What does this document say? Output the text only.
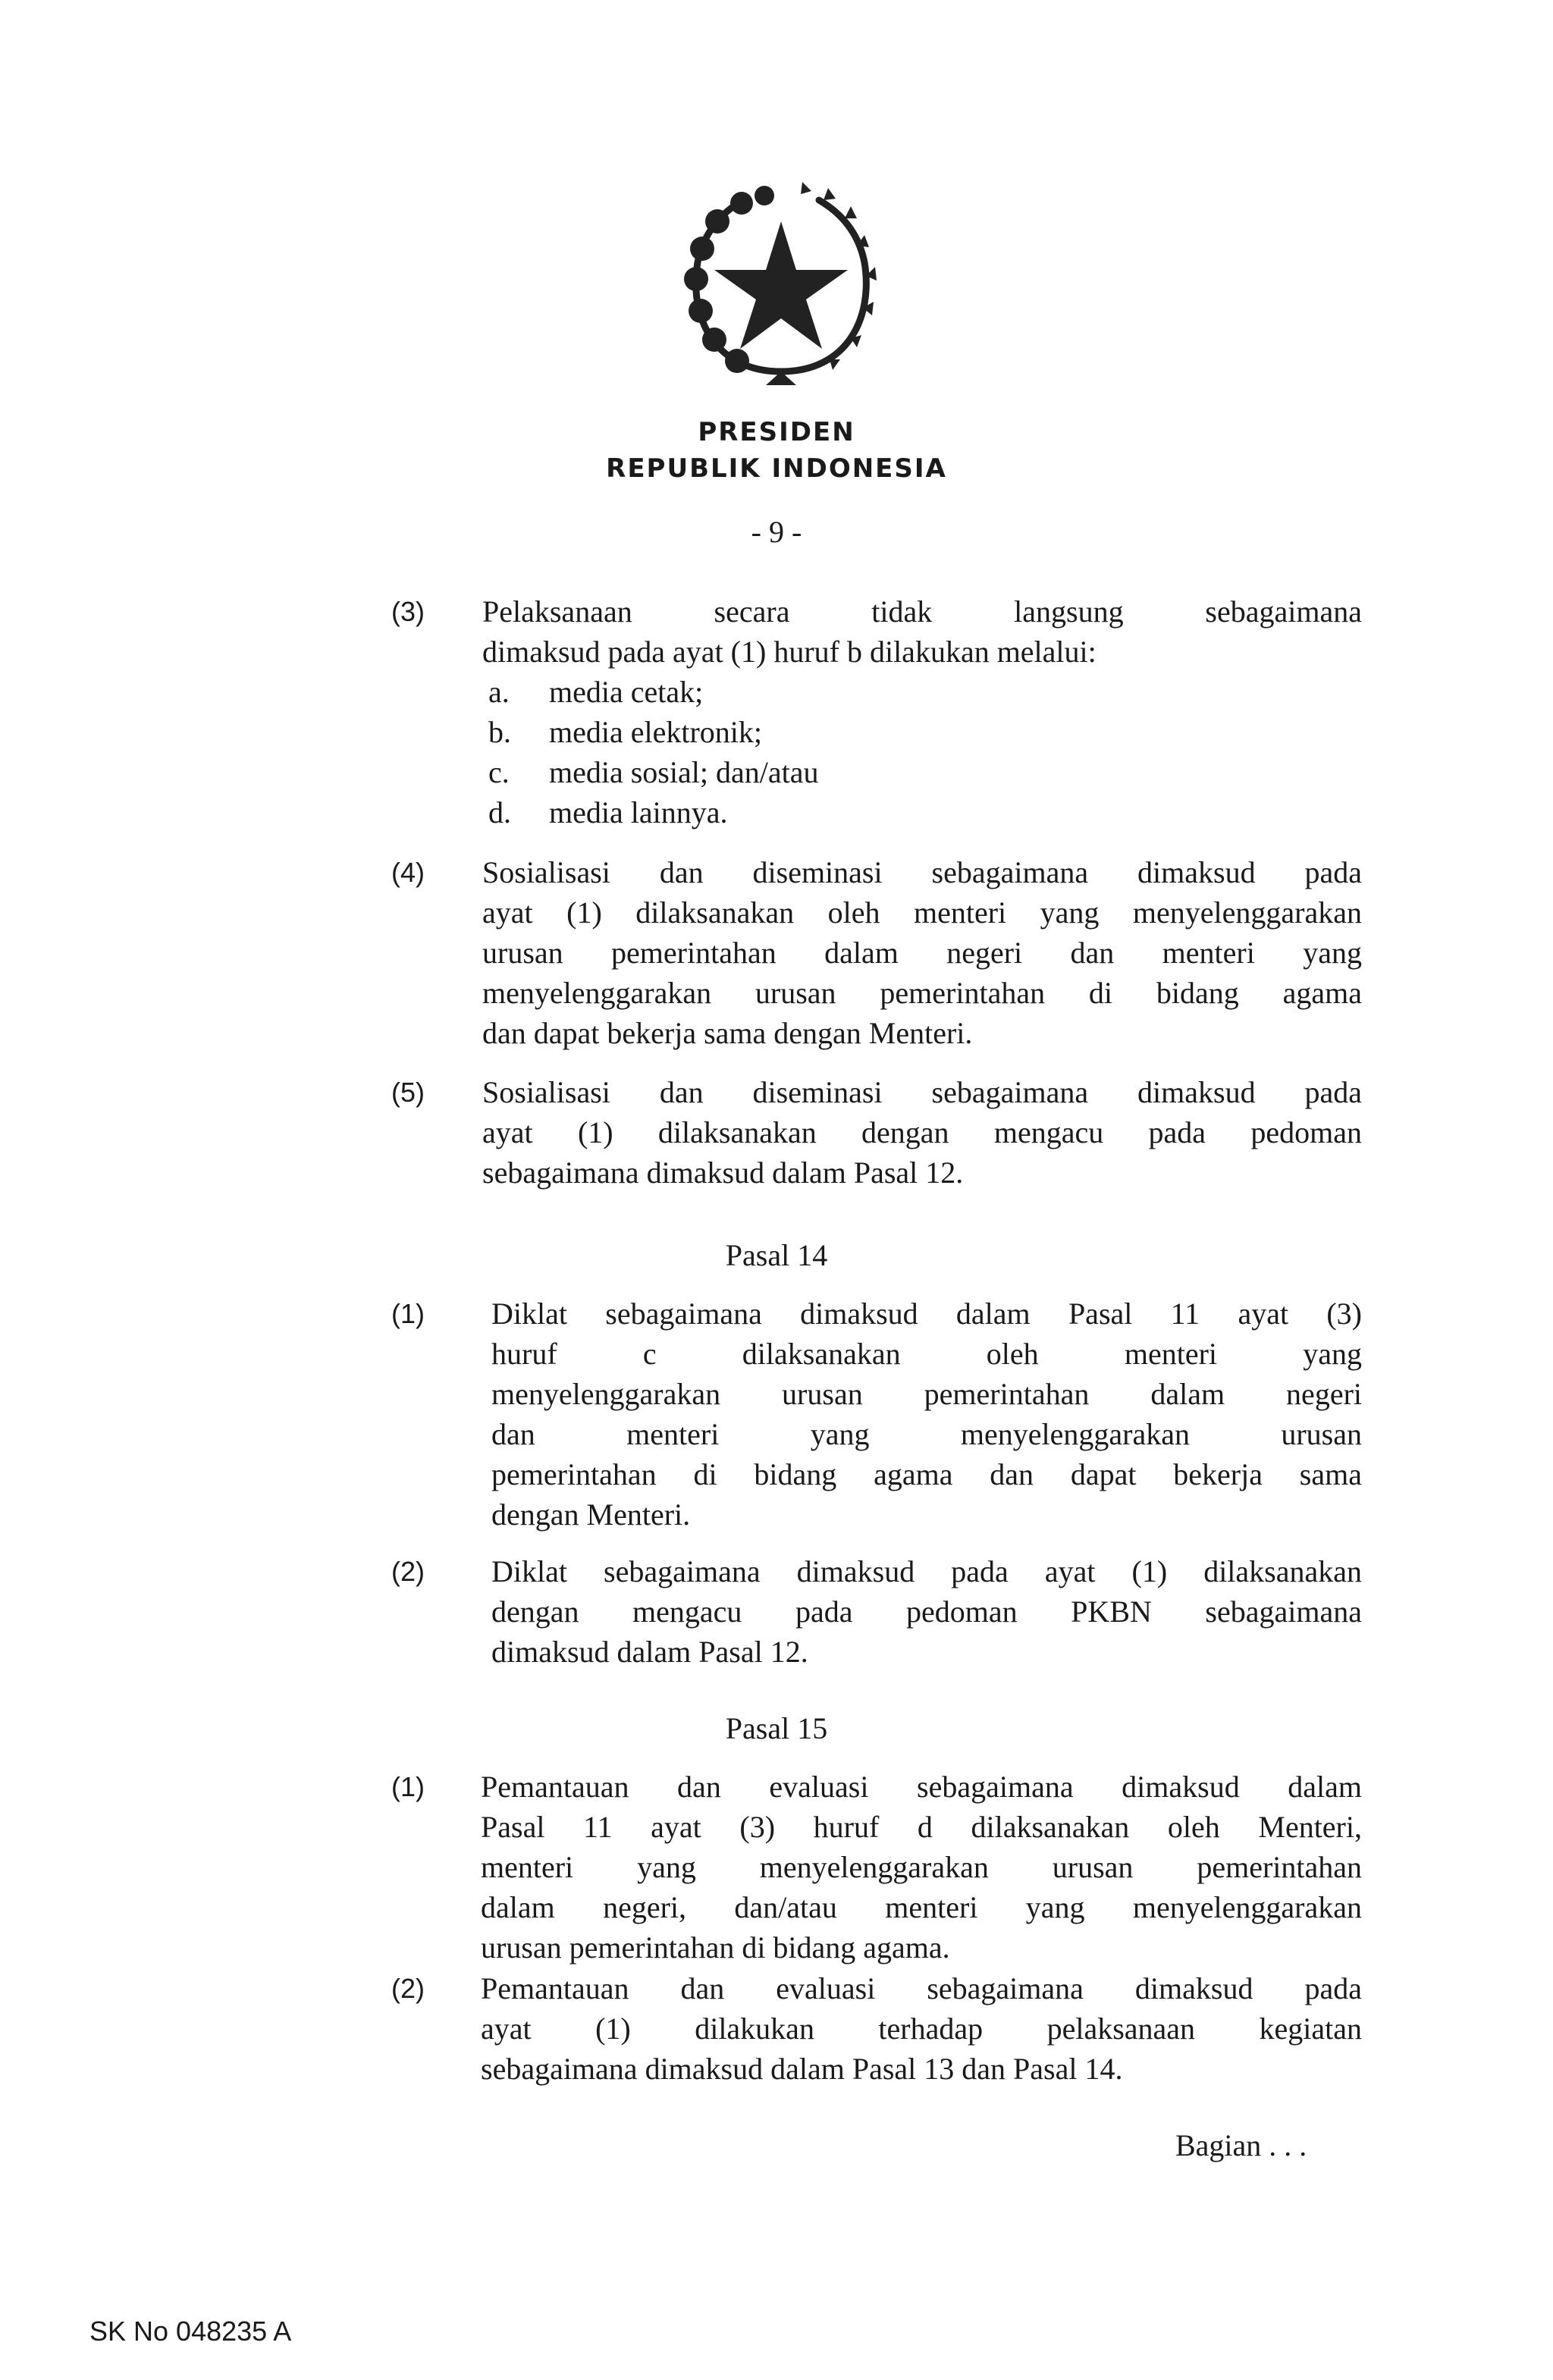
PRESIDEN
REPUBLIK INDONESIA
- 9 -
(3) Pelaksanaan secara tidak langsung sebagaimana
dimaksud pada ayat (1) huruf b dilakukan melalui:
a. media cetak;
b. media elektronik;
c. media sosial; dan/atau
d. media lainnya.
(4) Sosialisasi dan diseminasi sebagaimana dimaksud pada
ayat (1) dilaksanakan oleh menteri yang menyelenggarakan
urusan pemerintahan dalam negeri dan menteri yang
menyelenggarakan urusan pemerintahan di bidang agama
dan dapat bekerja sama dengan Menteri.
(5) Sosialisasi dan diseminasi sebagaimana dimaksud pada
ayat (1) dilaksanakan dengan mengacu pada pedoman
sebagaimana dimaksud dalam Pasal 12.
Pasal 14
(1) Diklat sebagaimana dimaksud dalam Pasal 11 ayat (3)
huruf c dilaksanakan oleh menteri yang
menyelenggarakan urusan pemerintahan dalam negeri
dan menteri yang menyelenggarakan urusan
pemerintahan di bidang agama dan dapat bekerja sama
dengan Menteri.
(2) Diklat sebagaimana dimaksud pada ayat (1) dilaksanakan
dengan mengacu pada pedoman PKBN sebagaimana
dimaksud dalam Pasal 12.
Pasal 15
(1) Pemantauan dan evaluasi sebagaimana dimaksud dalam
Pasal 11 ayat (3) huruf d dilaksanakan oleh Menteri,
menteri yang menyelenggarakan urusan pemerintahan
dalam negeri, dan/atau menteri yang menyelenggarakan
urusan pemerintahan di bidang agama.
(2) Pemantauan dan evaluasi sebagaimana dimaksud pada
ayat (1) dilakukan terhadap pelaksanaan kegiatan
sebagaimana dimaksud dalam Pasal 13 dan Pasal 14.
Bagian . . .
SK No 048235 A
